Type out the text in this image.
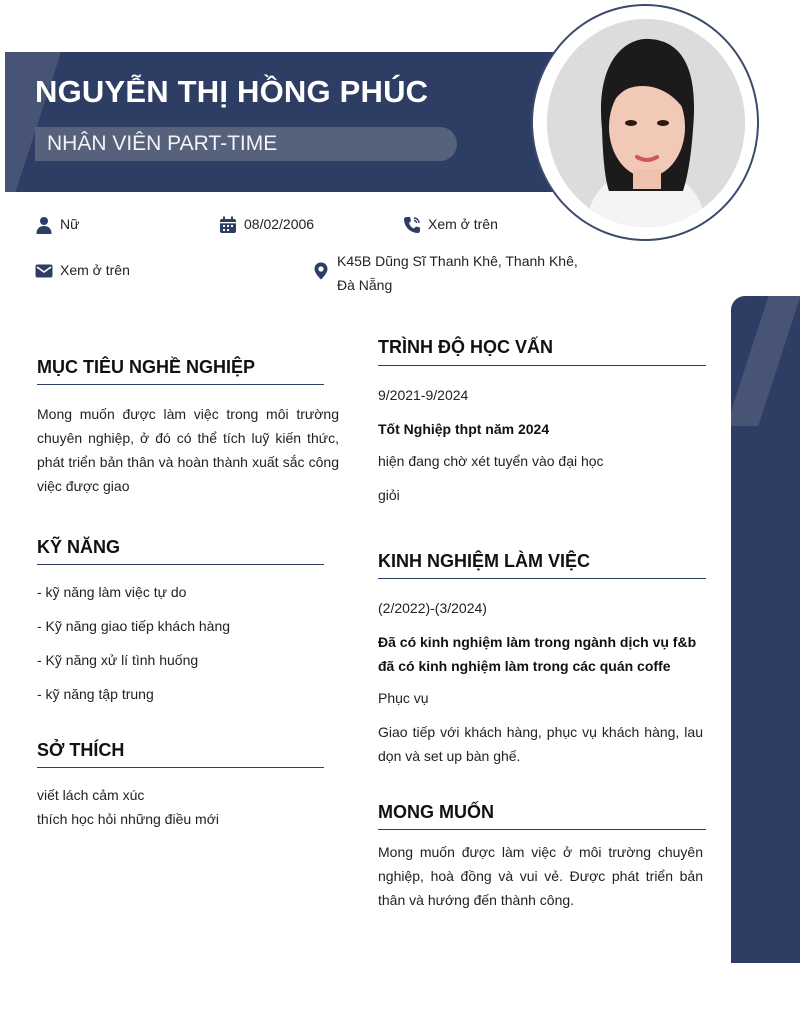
NGUYỄN THỊ HỒNG PHÚC
NHÂN VIÊN PART-TIME
Nữ	08/02/2006	Xem ở trên
Xem ở trên
K45B Dũng Sĩ Thanh Khê, Thanh Khê,
Đà Nẵng
MỤC TIÊU NGHỀ NGHIỆP
Mong muốn được làm việc trong môi trường chuyên nghiệp, ở đó có thể tích luỹ kiến thức, phát triển bản thân và hoàn thành xuất sắc công việc được giao
KỸ NĂNG
- kỹ năng làm việc tự do
- Kỹ năng giao tiếp khách hàng
- Kỹ năng xử lí tình huống
- kỹ năng tập trung
SỞ THÍCH
viết lách cảm xúc
thích học hỏi những điều mới
TRÌNH ĐỘ HỌC VẤN
9/2021-9/2024
Tốt Nghiệp thpt năm 2024
hiện đang chờ xét tuyển vào đại học
giỏi
KINH NGHIỆM LÀM VIỆC
(2/2022)-(3/2024)
Đã có kinh nghiệm làm trong ngành dịch vụ f&b
đã có kinh nghiệm làm trong các quán coffe
Phục vụ
Giao tiếp với khách hàng, phục vụ khách hàng, lau dọn và set up bàn ghế.
MONG MUỐN
Mong muốn được làm việc ở môi trường chuyên nghiệp, hoà đồng và vui vẻ. Được phát triển bản thân và hướng đến thành công.
